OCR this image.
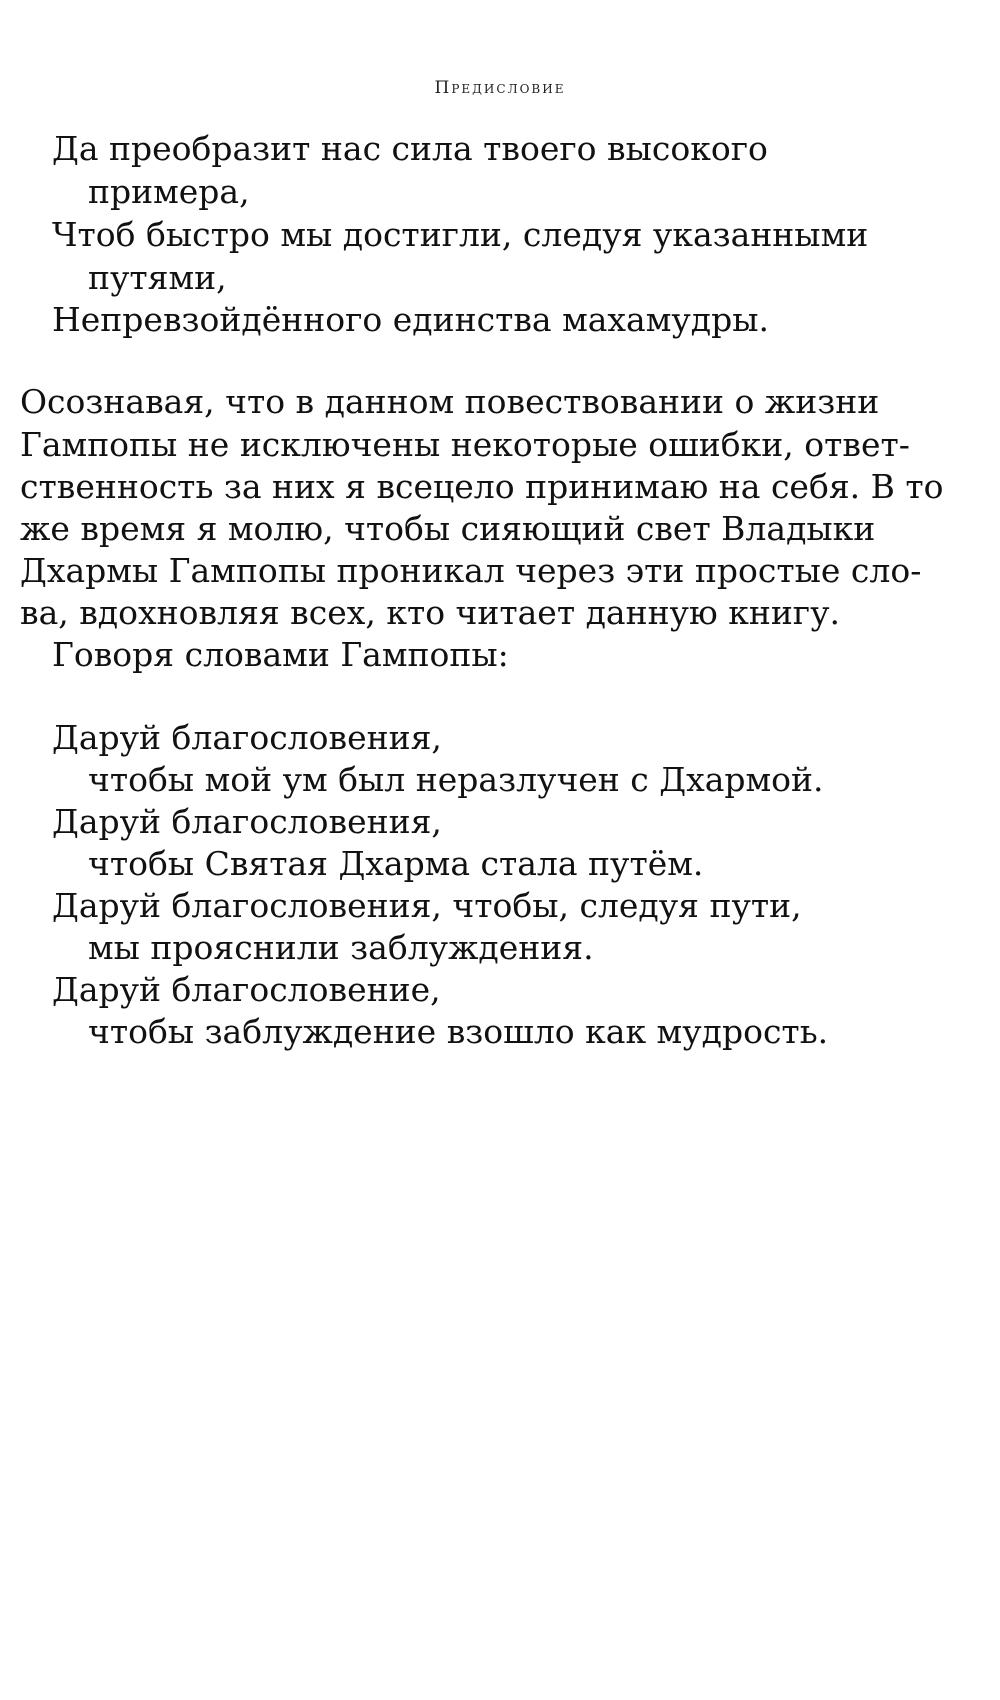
Предисловие
Да преобразит нас сила твоего высокого
примера,
Чтоб быстро мы достигли, следуя указанными
путями,
Непревзойдённого единства махамудры.
Осознавая, что в данном повествовании о жизни
Гампопы не исключены некоторые ошибки, ответ-
ственность за них я всецело принимаю на себя. В то
же время я молю, чтобы сияющий свет Владыки
Дхармы Гампопы проникал через эти простые сло-
ва, вдохновляя всех, кто читает данную книгу.
Говоря словами Гампопы:
Даруй благословения,
чтобы мой ум был неразлучен с Дхармой.
Даруй благословения,
чтобы Святая Дхарма стала путём.
Даруй благословения, чтобы, следуя пути,
мы прояснили заблуждения.
Даруй благословение,
чтобы заблуждение взошло как мудрость.
